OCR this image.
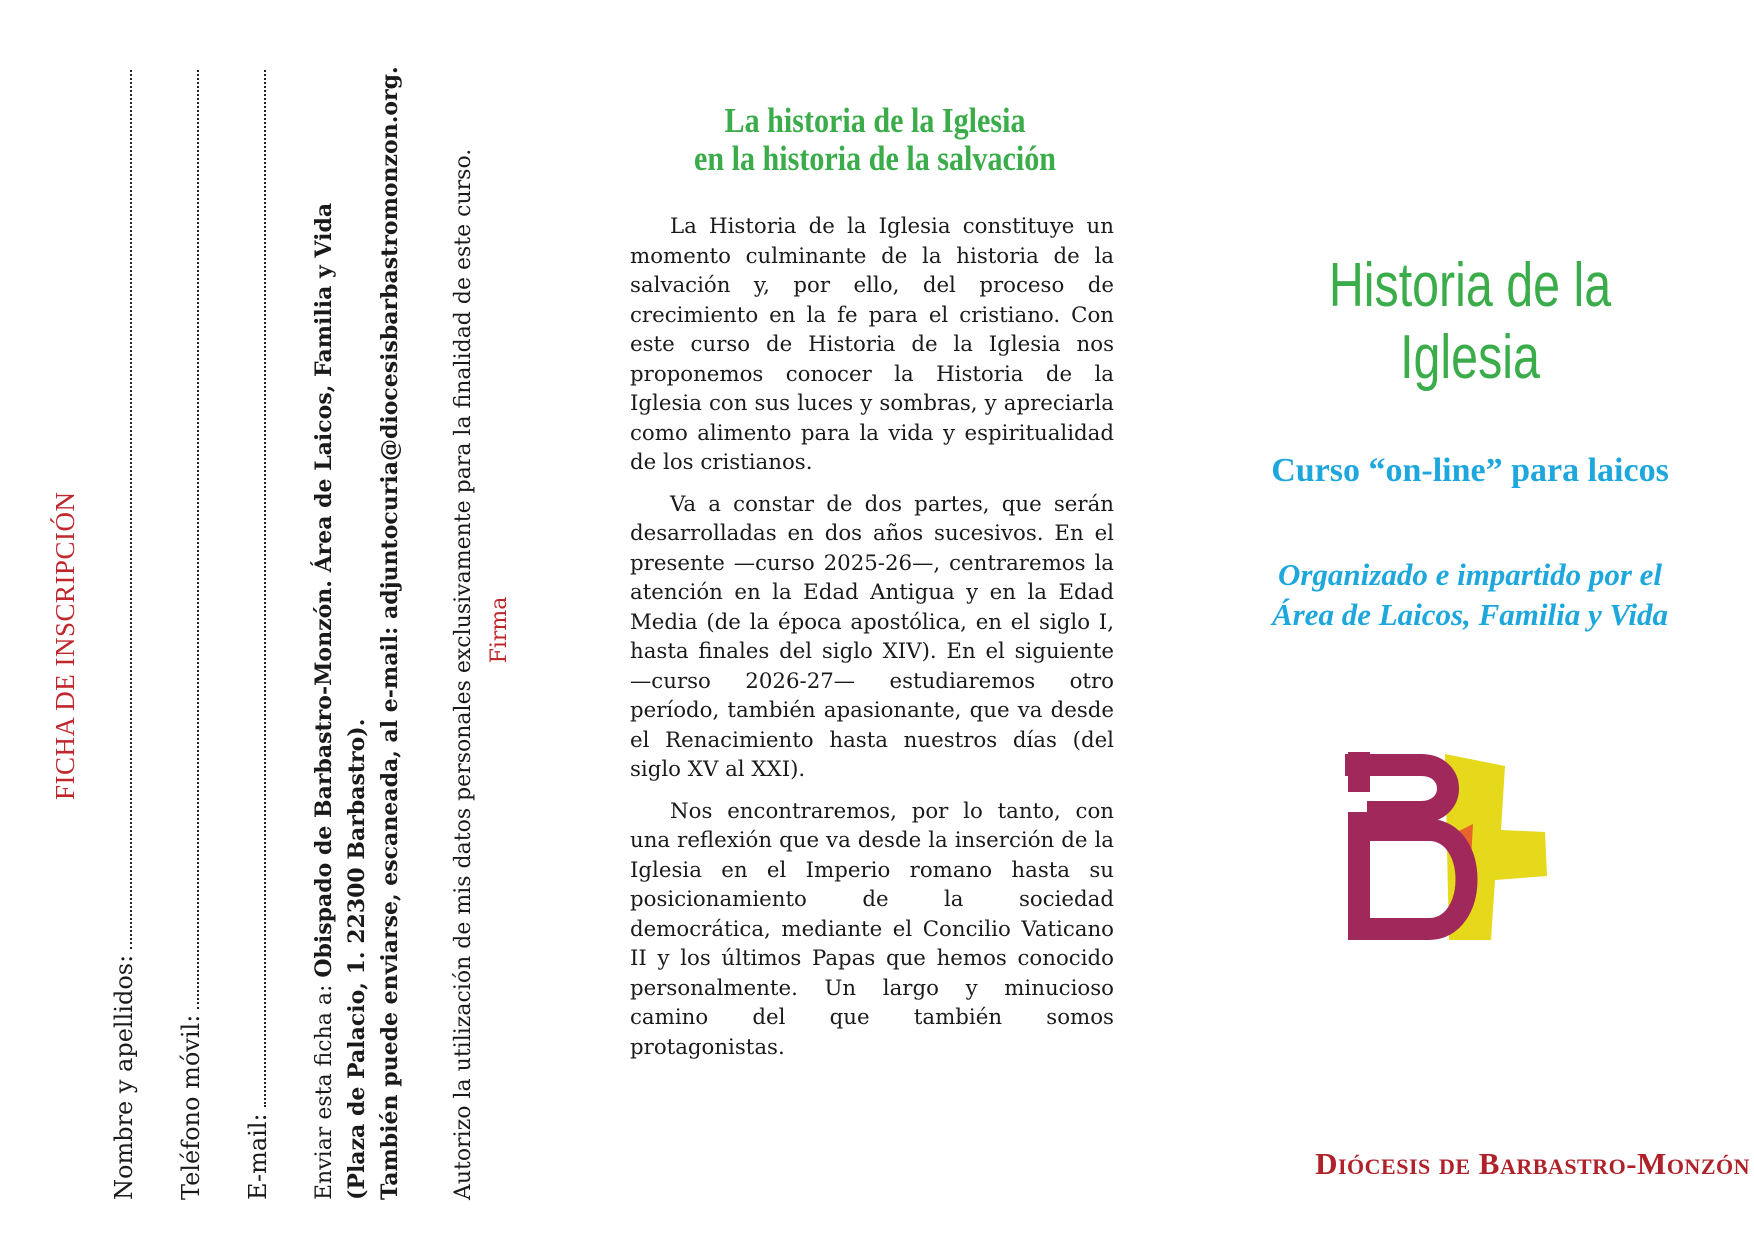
FICHA DE INSCRIPCIÓN
Nombre y apellidos: Teléfono móvil: E-mail: Enviar esta ficha a: Obispado de Barbastro-Monzón. Área de Laicos, Familia y Vida (Plaza de Palacio, 1. 22300 Barbastro). También puede enviarse, escaneada, al e-mail: adjuntocuria@diocesisbarbastromonzon.org. Autorizo la utilización de mis datos personales exclusivamente para la finalidad de este curso. Firma
La historia de la Iglesia
en la historia de la salvación

La Historia de la Iglesia constituye un momento culminante de la historia de la salvación y, por ello, del proceso de crecimiento en la fe para el cristiano. Con este curso de Historia de la Iglesia nos proponemos conocer la Historia de la Iglesia con sus luces y sombras, y apreciarla como alimento para la vida y espiritualidad de los cristianos.

Va a constar de dos partes, que serán desarrolladas en dos años sucesivos. En el presente —curso 2025-26—, centraremos la atención en la Edad Antigua y en la Edad Media (de la época apostólica, en el siglo I, hasta finales del siglo XIV). En el siguiente —curso 2026-27— estudiaremos otro período, también apasionante, que va desde el Renacimiento hasta nuestros días (del siglo XV al XXI).

Nos encontraremos, por lo tanto, con una reflexión que va desde la inserción de la Iglesia en el Imperio romano hasta su posicionamiento de la sociedad democrática, mediante el Concilio Vaticano II y los últimos Papas que hemos conocido personalmente. Un largo y minucioso camino del que también somos protagonistas.

Historia de la
Iglesia
Curso “on-line” para laicos
Organizado e impartido por el
Área de Laicos, Familia y Vida
Diócesis de Barbastro-Monzón
